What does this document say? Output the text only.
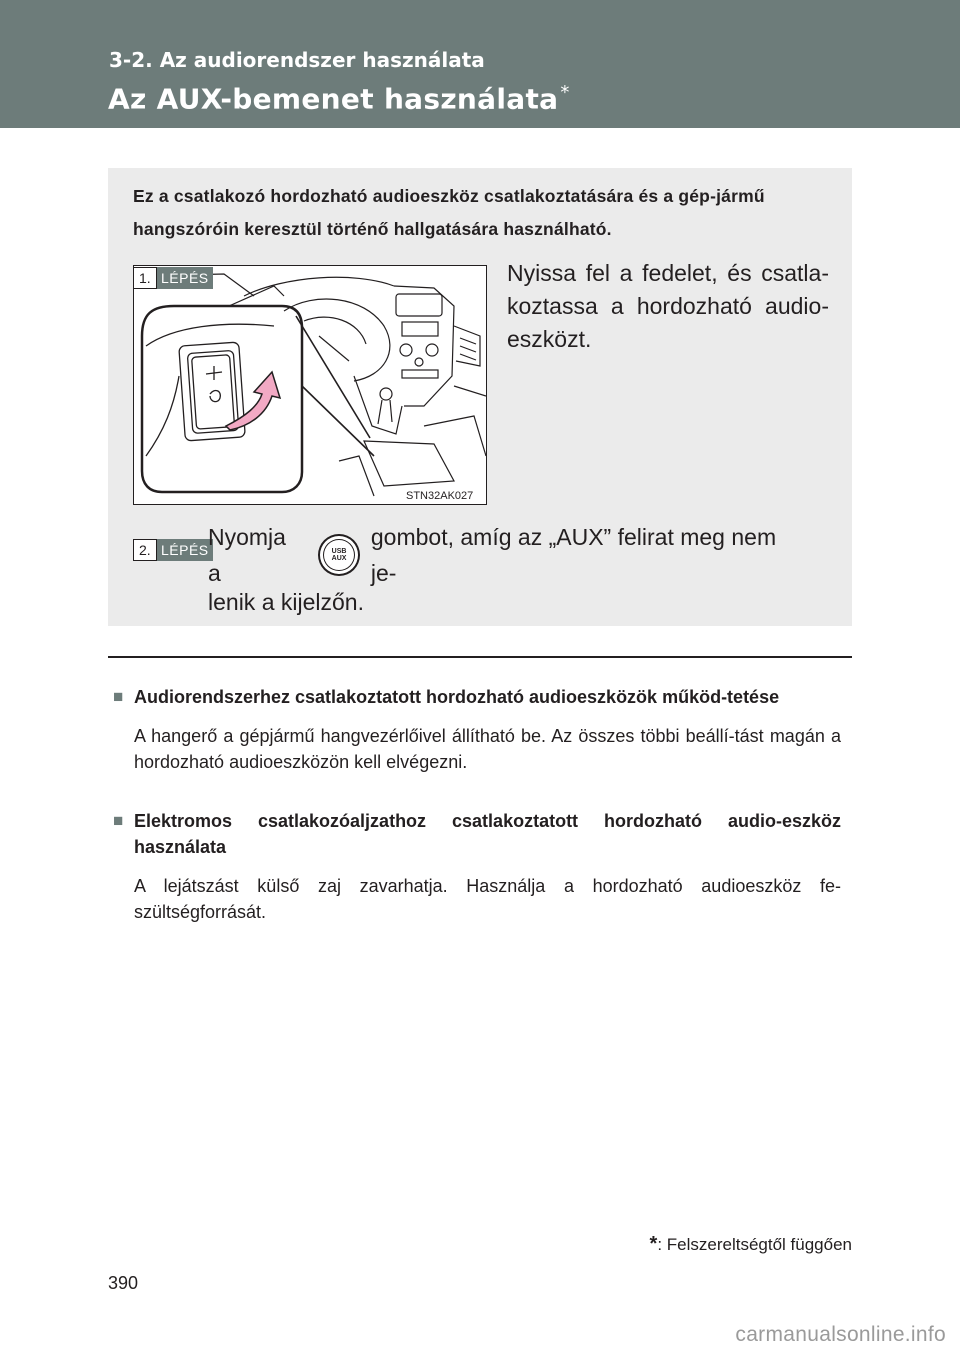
3-2. Az audiorendszer használata
Az AUX-bemenet használata *
Ez a csatlakozó hordozható audioeszköz csatlakoztatására és a gép-jármű hangszóróin keresztül történő hallgatására használható.
STN32AK027
1. LÉPÉS	Nyissa fel a fedelet, és csatla-koztassa a hordozható audio-eszközt.
2. LÉPÉS Nyomja a
USB
AUX
gombot, amíg az „AUX” felirat meg nem je-
lenik a kijelzőn.
■ Audiorendszerhez csatlakoztatott hordozható audioeszközök működ-tetése
A hangerő a gépjármű hangvezérlőivel állítható be. Az összes többi beállí-tást magán a hordozható audioeszközön kell elvégezni.
■ Elektromos csatlakozóaljzathoz csatlakoztatott hordozható audio-eszköz használata
A lejátszást külső zaj zavarhatja. Használja a hordozható audioeszköz fe-szültségforrását.
*: Felszereltségtől függően
390
carmanualsonline.info
